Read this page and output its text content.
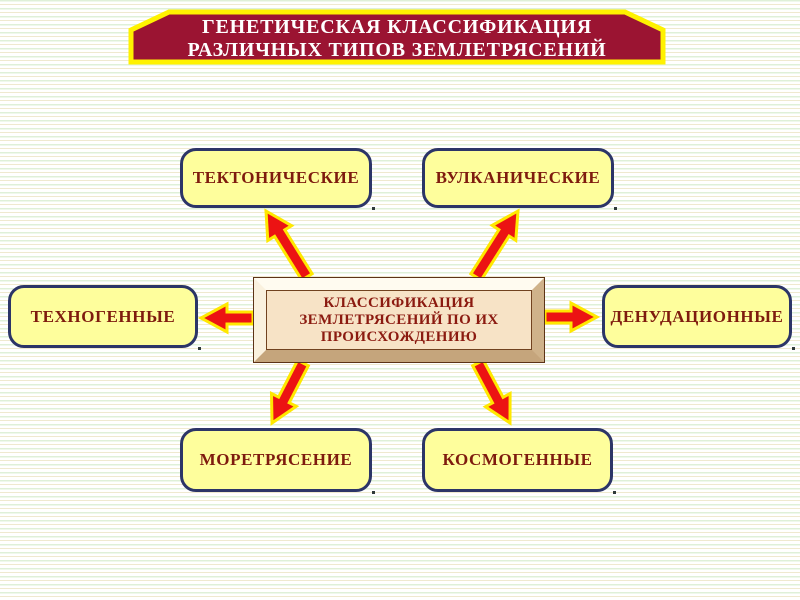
ГЕНЕТИЧЕСКАЯ КЛАССИФИКАЦИЯ
РАЗЛИЧНЫХ ТИПОВ ЗЕМЛЕТРЯСЕНИЙ
КЛАССИФИКАЦИЯ
ЗЕМЛЕТРЯСЕНИЙ ПО ИХ
ПРОИСХОЖДЕНИЮ
ТЕКТОНИЧЕСКИЕ	ВУЛКАНИЧЕСКИЕ
ТЕХНОГЕННЫЕ	ДЕНУДАЦИОННЫЕ
МОРЕТРЯСЕНИЕ	КОСМОГЕННЫЕ
